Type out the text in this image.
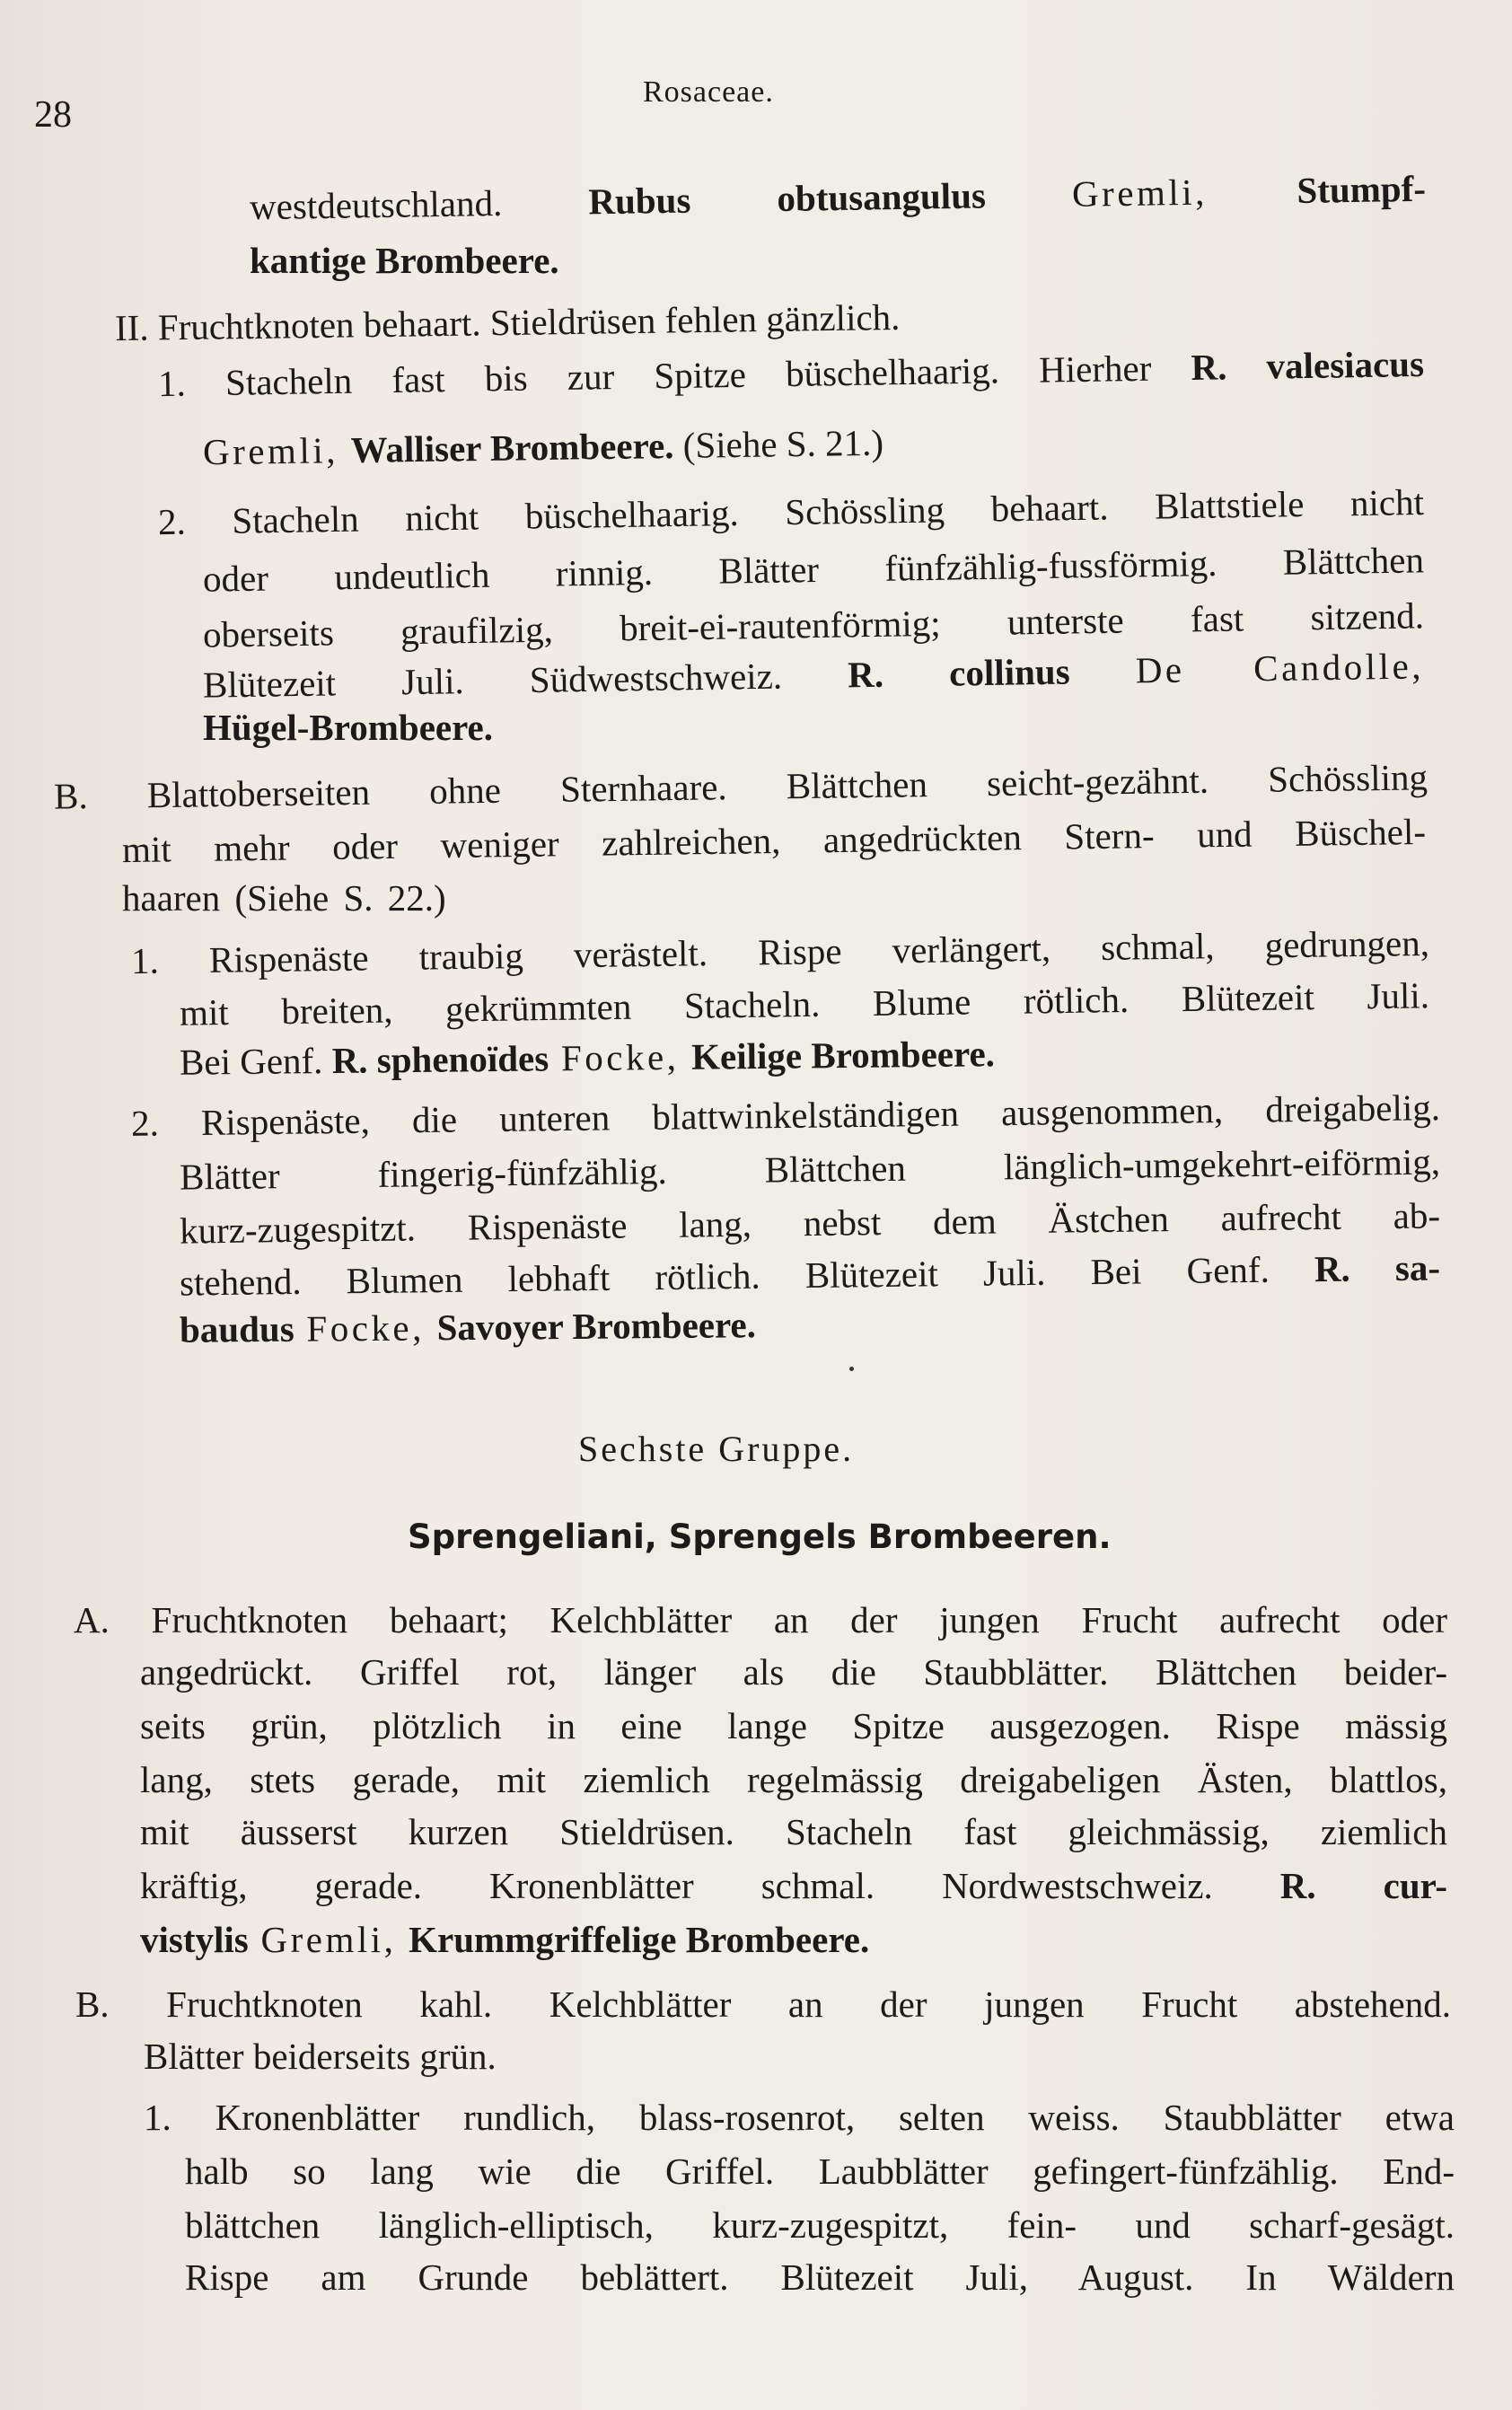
28
Rosaceae.
westdeutschland. Rubus obtusangulus Gremli, Stumpf-
kantige Brombeere.
II. Fruchtknoten behaart. Stieldrüsen fehlen gänzlich.
1. Stacheln fast bis zur Spitze büschelhaarig. Hierher R. valesiacus
Gremli, Walliser Brombeere. (Siehe S. 21.)
2. Stacheln nicht büschelhaarig. Schössling behaart. Blattstiele nicht
oder undeutlich rinnig. Blätter fünfzählig-fussförmig. Blättchen
oberseits graufilzig, breit-ei-rautenförmig; unterste fast sitzend.
Blütezeit Juli. Südwestschweiz. R. collinus De Candolle,
Hügel-Brombeere.
B. Blattoberseiten ohne Sternhaare. Blättchen seicht-gezähnt. Schössling
mit mehr oder weniger zahlreichen, angedrückten Stern- und Büschel-
haaren (Siehe S. 22.)
1. Rispenäste traubig verästelt. Rispe verlängert, schmal, gedrungen,
mit breiten, gekrümmten Stacheln. Blume rötlich. Blütezeit Juli.
Bei Genf. R. sphenoïdes Focke, Keilige Brombeere.
2. Rispenäste, die unteren blattwinkelständigen ausgenommen, dreigabelig.
Blätter fingerig-fünfzählig. Blättchen länglich-umgekehrt-eiförmig,
kurz-zugespitzt. Rispenäste lang, nebst dem Ästchen aufrecht ab-
stehend. Blumen lebhaft rötlich. Blütezeit Juli. Bei Genf. R. sa-
baudus Focke, Savoyer Brombeere.
Sechste Gruppe.
Sprengeliani, Sprengels Brombeeren.
A. Fruchtknoten behaart; Kelchblätter an der jungen Frucht aufrecht oder
angedrückt. Griffel rot, länger als die Staubblätter. Blättchen beider-
seits grün, plötzlich in eine lange Spitze ausgezogen. Rispe mässig
lang, stets gerade, mit ziemlich regelmässig dreigabeligen Ästen, blattlos,
mit äusserst kurzen Stieldrüsen. Stacheln fast gleichmässig, ziemlich
kräftig, gerade. Kronenblätter schmal. Nordwestschweiz. R. cur-
vistylis Gremli, Krummgriffelige Brombeere.
B. Fruchtknoten kahl. Kelchblätter an der jungen Frucht abstehend.
Blätter beiderseits grün.
1. Kronenblätter rundlich, blass-rosenrot, selten weiss. Staubblätter etwa
halb so lang wie die Griffel. Laubblätter gefingert-fünfzählig. End-
blättchen länglich-elliptisch, kurz-zugespitzt, fein- und scharf-gesägt.
Rispe am Grunde beblättert. Blütezeit Juli, August. In Wäldern
